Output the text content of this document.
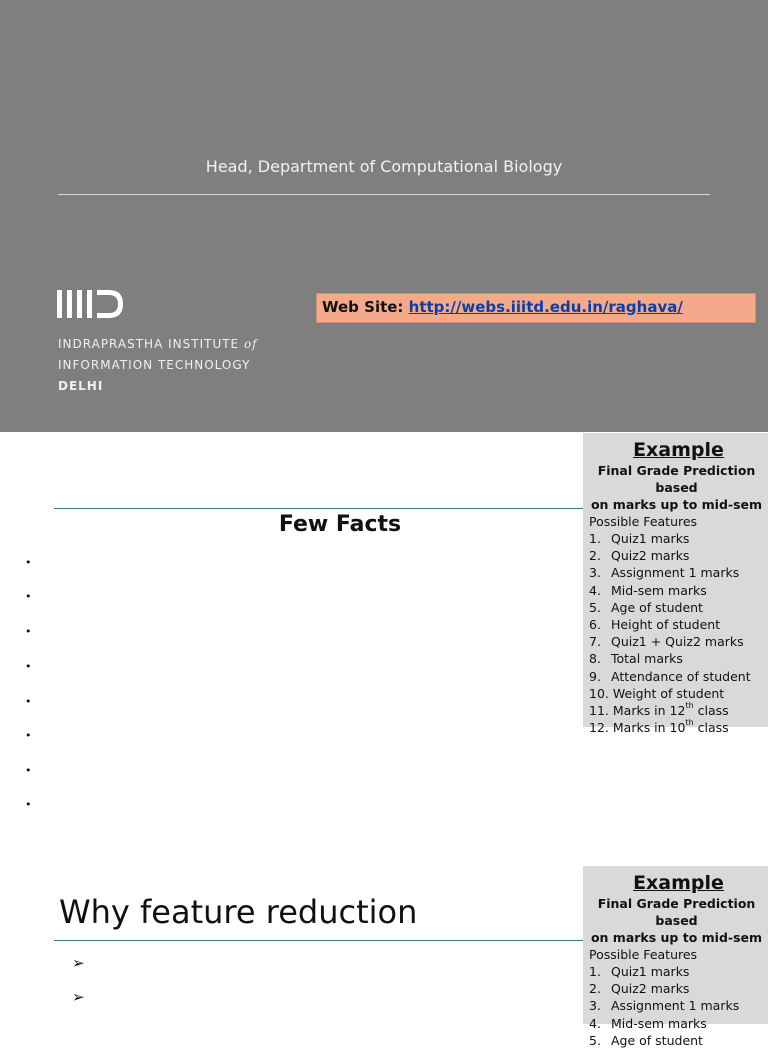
Head, Department of Computational Biology
INDRAPRASTHA INSTITUTE of
INFORMATION TECHNOLOGY
DELHI
Web Site: http://webs.iiitd.edu.in/raghava/
Few Facts
•
•
•
•
•
•
•
•
Example
Final Grade Prediction based
on marks up to mid-sem
Possible Features
1. Quiz1 marks
2. Quiz2 marks
3. Assignment 1 marks
4. Mid-sem marks
5. Age of student
6. Height of student
7. Quiz1 + Quiz2 marks
8. Total marks
9. Attendance of student
10. Weight of student
11. Marks in 12th class
12. Marks in 10th class
Why feature reduction
➢
➢
Example
Final Grade Prediction based
on marks up to mid-sem
Possible Features
1. Quiz1 marks
2. Quiz2 marks
3. Assignment 1 marks
4. Mid-sem marks
5. Age of student
